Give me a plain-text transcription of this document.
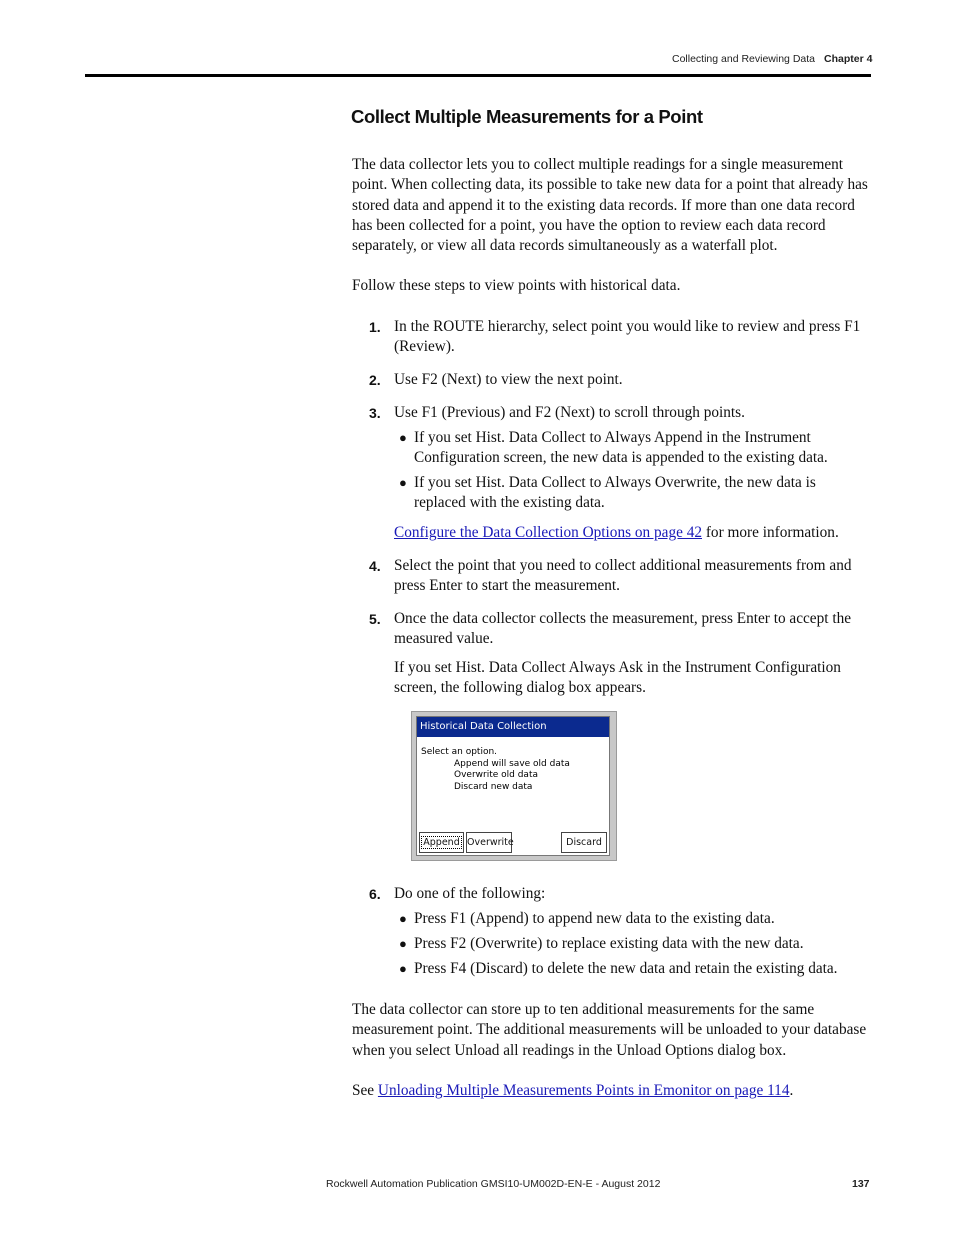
Collecting and Reviewing Data Chapter 4
Collect Multiple Measurements for a Point

The data collector lets you to collect multiple readings for a single measurement point. When collecting data, its possible to take new data for a point that already has stored data and append it to the existing data records. If more than one data record has been collected for a point, you have the option to review each data record separately, or view all data records simultaneously as a waterfall plot.

Follow these steps to view points with historical data.

1. In the ROUTE hierarchy, select point you would like to review and press F1 (Review).
2. Use F2 (Next) to view the next point.
3. Use F1 (Previous) and F2 (Next) to scroll through points.
● If you set Hist. Data Collect to Always Append in the Instrument Configuration screen, the new data is appended to the existing data.
● If you set Hist. Data Collect to Always Overwrite, the new data is replaced with the existing data.
Configure the Data Collection Options on page 42 for more information.
4. Select the point that you need to collect additional measurements from and press Enter to start the measurement.
5. Once the data collector collects the measurement, press Enter to accept the measured value.
If you set Hist. Data Collect Always Ask in the Instrument Configuration screen, the following dialog box appears.
Historical Data Collection
Select an option.
Append will save old data
Overwrite old data
Discard new data
Append Overwrite	Discard
6. Do one of the following:
● Press F1 (Append) to append new data to the existing data.
● Press F2 (Overwrite) to replace existing data with the new data.
● Press F4 (Discard) to delete the new data and retain the existing data.

The data collector can store up to ten additional measurements for the same measurement point. The additional measurements will be unloaded to your database when you select Unload all readings in the Unload Options dialog box.

See Unloading Multiple Measurements Points in Emonitor on page 114.

Rockwell Automation Publication GMSI10-UM002D-EN-E - August 2012	137
